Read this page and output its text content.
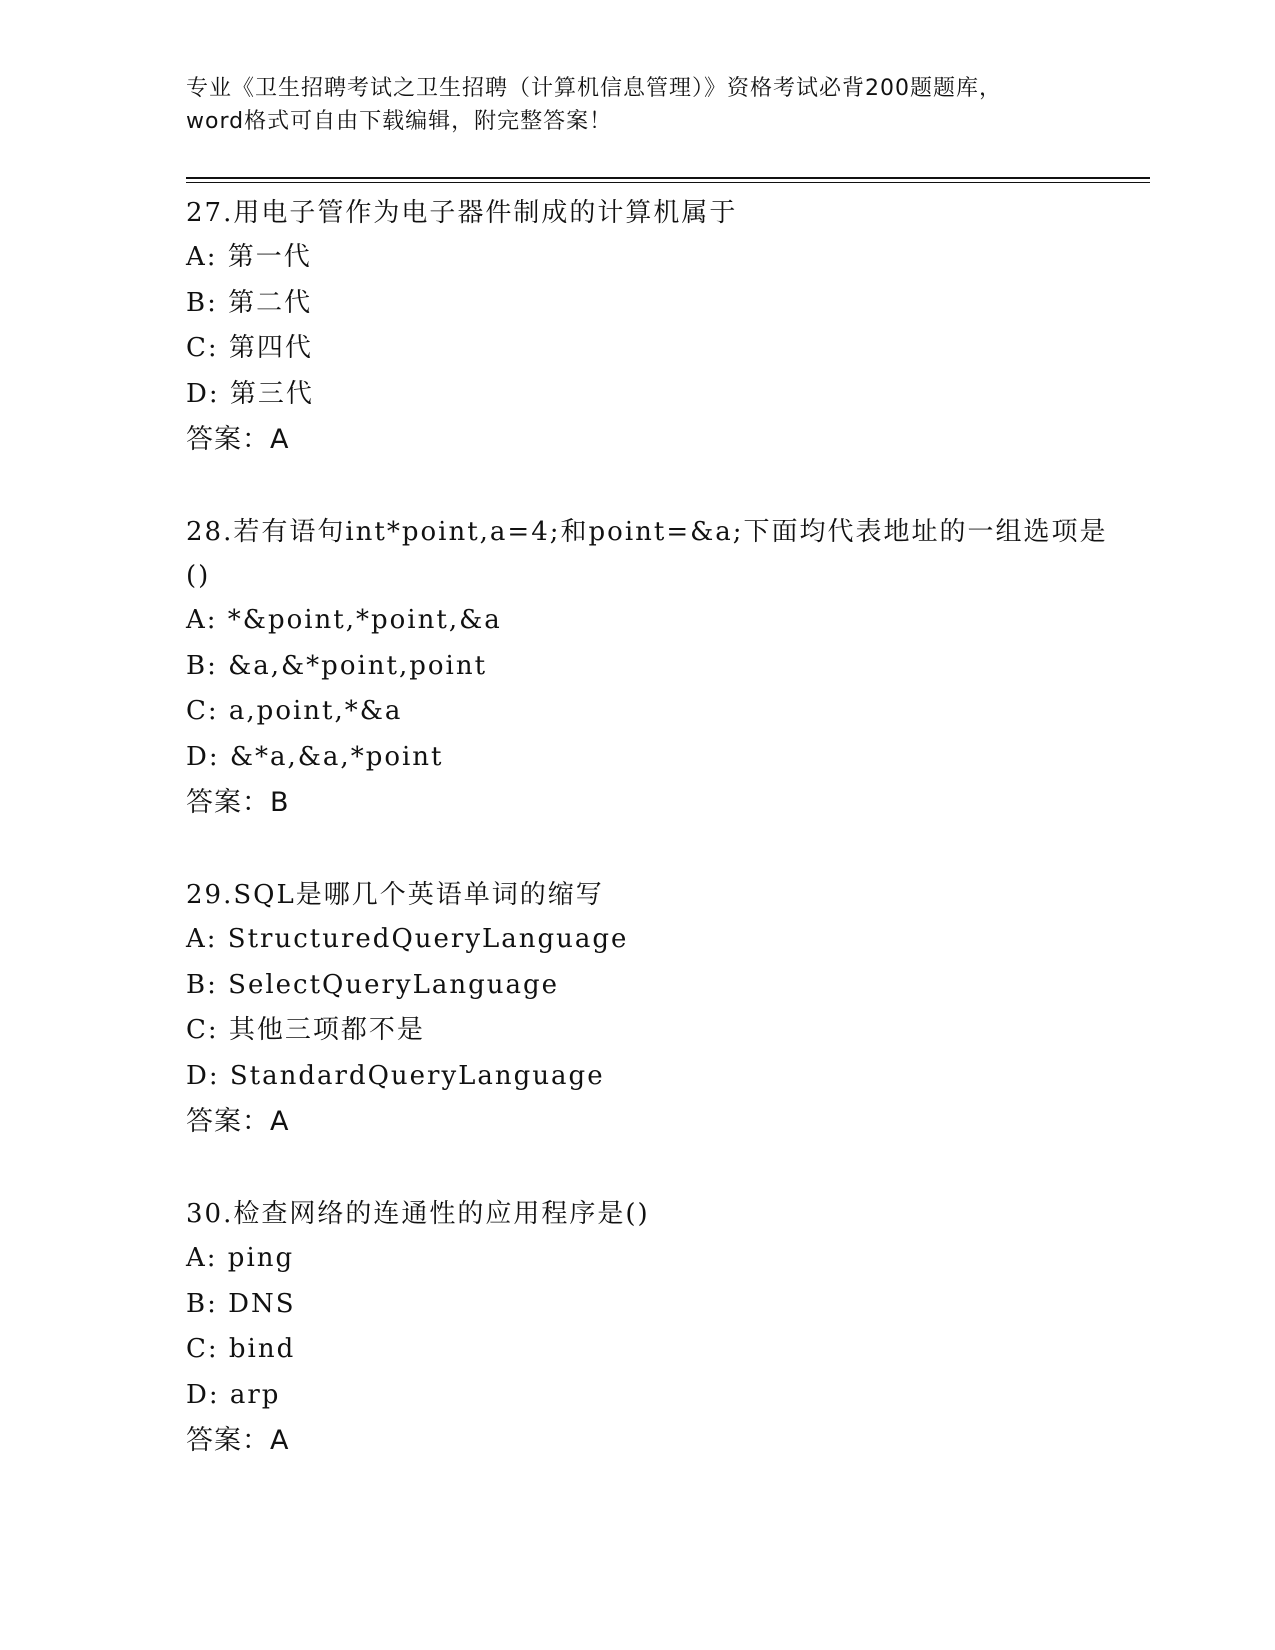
专业《卫生招聘考试之卫生招聘（计算机信息管理）》资格考试必背200题题库，
word格式可自由下载编辑，附完整答案！

27.用电子管作为电子器件制成的计算机属于

A: 第一代

B: 第二代

C: 第四代

D: 第三代

答案：A

28.若有语句int*point,a=4;和point=&a;下面均代表地址的一组选项是()

A: *&point,*point,&a

B: &a,&*point,point

C: a,point,*&a

D: &*a,&a,*point

答案：B

29.SQL是哪几个英语单词的缩写

A: StructuredQueryLanguage

B: SelectQueryLanguage

C: 其他三项都不是

D: StandardQueryLanguage

答案：A

30.检查网络的连通性的应用程序是()

A: ping

B: DNS

C: bind

D: arp

答案：A
